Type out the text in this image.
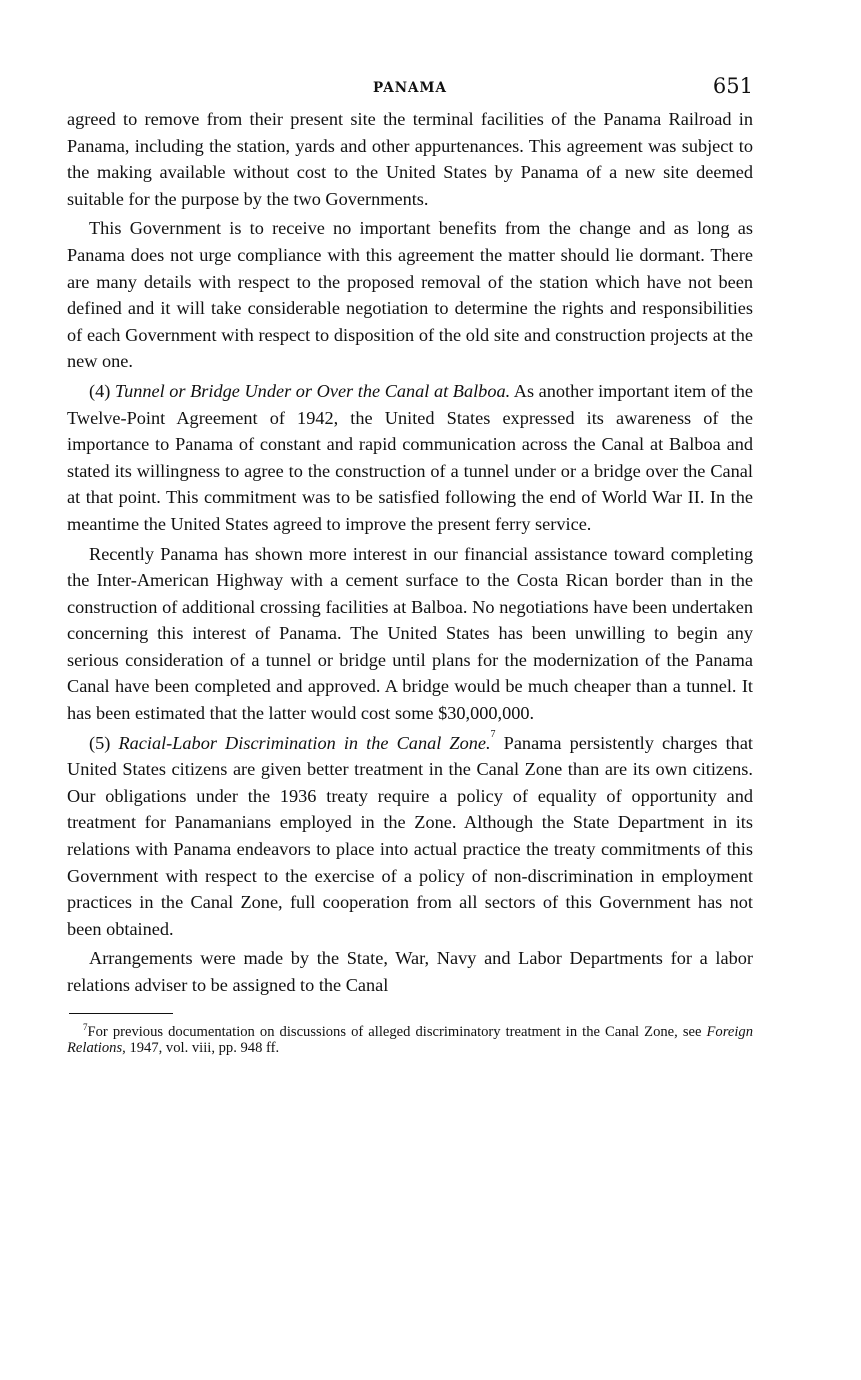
PANAMA	651

agreed to remove from their present site the terminal facilities of the Panama Railroad in Panama, including the station, yards and other appurtenances. This agreement was subject to the making available without cost to the United States by Panama of a new site deemed suitable for the purpose by the two Governments.

This Government is to receive no important benefits from the change and as long as Panama does not urge compliance with this agreement the matter should lie dormant. There are many details with respect to the proposed removal of the station which have not been defined and it will take considerable negotiation to determine the rights and responsibilities of each Government with respect to disposition of the old site and construction projects at the new one.

(4) Tunnel or Bridge Under or Over the Canal at Balboa. As another important item of the Twelve-Point Agreement of 1942, the United States expressed its awareness of the importance to Panama of constant and rapid communication across the Canal at Balboa and stated its willingness to agree to the construction of a tunnel under or a bridge over the Canal at that point. This commitment was to be satisfied following the end of World War II. In the meantime the United States agreed to improve the present ferry service.

Recently Panama has shown more interest in our financial assistance toward completing the Inter-American Highway with a cement surface to the Costa Rican border than in the construction of additional crossing facilities at Balboa. No negotiations have been undertaken concerning this interest of Panama. The United States has been unwilling to begin any serious consideration of a tunnel or bridge until plans for the modernization of the Panama Canal have been completed and approved. A bridge would be much cheaper than a tunnel. It has been estimated that the latter would cost some $30,000,000.

(5) Racial-Labor Discrimination in the Canal Zone.$^7$ Panama persistently charges that United States citizens are given better treatment in the Canal Zone than are its own citizens. Our obligations under the 1936 treaty require a policy of equality of opportunity and treatment for Panamanians employed in the Zone. Although the State Department in its relations with Panama endeavors to place into actual practice the treaty commitments of this Government with respect to the exercise of a policy of non-discrimination in employment practices in the Canal Zone, full cooperation from all sectors of this Government has not been obtained.

Arrangements were made by the State, War, Navy and Labor Departments for a labor relations adviser to be assigned to the Canal

$^7$For previous documentation on discussions of alleged discriminatory treatment in the Canal Zone, see Foreign Relations, 1947, vol. viii, pp. 948 ff.
